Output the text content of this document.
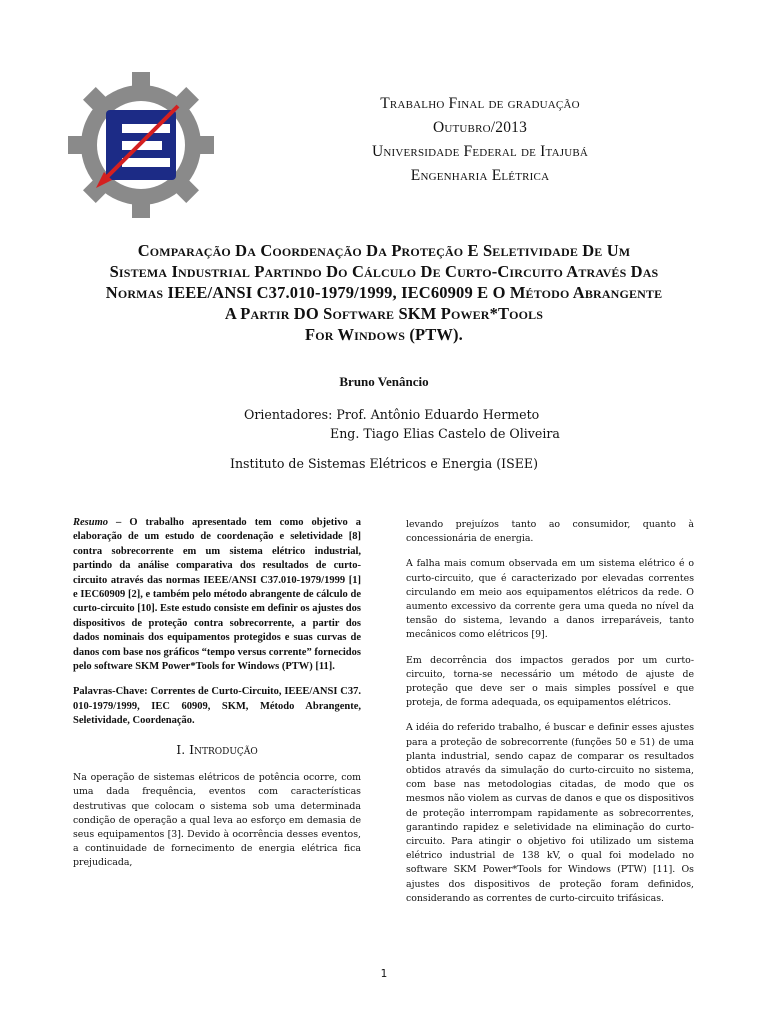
Trabalho Final de graduação
Outubro/2013
Universidade Federal de Itajubá
Engenharia Elétrica
Comparação Da Coordenação Da Proteção E Seletividade De Um
Sistema Industrial Partindo Do Cálculo De Curto-Circuito Através Das
Normas IEEE/ANSI C37.010-1979/1999, IEC60909 E O Método Abrangente
A Partir DO Software SKM Power*Tools
For Windows (PTW).
Bruno Venâncio
Orientadores: Prof. Antônio Eduardo Hermeto
Eng. Tiago Elias Castelo de Oliveira
Instituto de Sistemas Elétricos e Energia (ISEE)

Resumo – O trabalho apresentado tem como objetivo a elaboração de um estudo de coordenação e seletividade [8] contra sobrecorrente em um sistema elétrico industrial, partindo da análise comparativa dos resultados de curto-circuito através das normas IEEE/ANSI C37.010-1979/1999 [1] e IEC60909 [2], e também pelo método abrangente de cálculo de curto-circuito [10]. Este estudo consiste em definir os ajustes dos dispositivos de proteção contra sobrecorrente, a partir dos dados nominais dos equipamentos protegidos e suas curvas de danos com base nos gráficos “tempo versus corrente” fornecidos pelo software SKM Power*Tools for Windows (PTW) [11].

Palavras-Chave: Correntes de Curto-Circuito, IEEE/ANSI C37. 010-1979/1999, IEC 60909, SKM, Método Abrangente, Seletividade, Coordenação.

I. Introdução

Na operação de sistemas elétricos de potência ocorre, com uma dada frequência, eventos com características destrutivas que colocam o sistema sob uma determinada condição de operação a qual leva ao esforço em demasia de seus equipamentos [3]. Devido à ocorrência desses eventos, a continuidade de fornecimento de energia elétrica fica prejudicada,

levando prejuízos tanto ao consumidor, quanto à concessionária de energia.

A falha mais comum observada em um sistema elétrico é o curto-circuito, que é caracterizado por elevadas correntes circulando em meio aos equipamentos elétricos da rede. O aumento excessivo da corrente gera uma queda no nível da tensão do sistema, levando a danos irreparáveis, tanto mecânicos como elétricos [9].

Em decorrência dos impactos gerados por um curto-circuito, torna-se necessário um método de ajuste de proteção que deve ser o mais simples possível e que proteja, de forma adequada, os equipamentos elétricos.

A idéia do referido trabalho, é buscar e definir esses ajustes para a proteção de sobrecorrente (funções 50 e 51) de uma planta industrial, sendo capaz de comparar os resultados obtidos através da simulação do curto-circuito no sistema, com base nas metodologias citadas, de modo que os mesmos não violem as curvas de danos e que os dispositivos de proteção interrompam rapidamente as sobrecorrentes, garantindo rapidez e seletividade na eliminação do curto-circuito. Para atingir o objetivo foi utilizado um sistema elétrico industrial de 138 kV, o qual foi modelado no software SKM Power*Tools for Windows (PTW) [11]. Os ajustes dos dispositivos de proteção foram definidos, considerando as correntes de curto-circuito trifásicas.

1
